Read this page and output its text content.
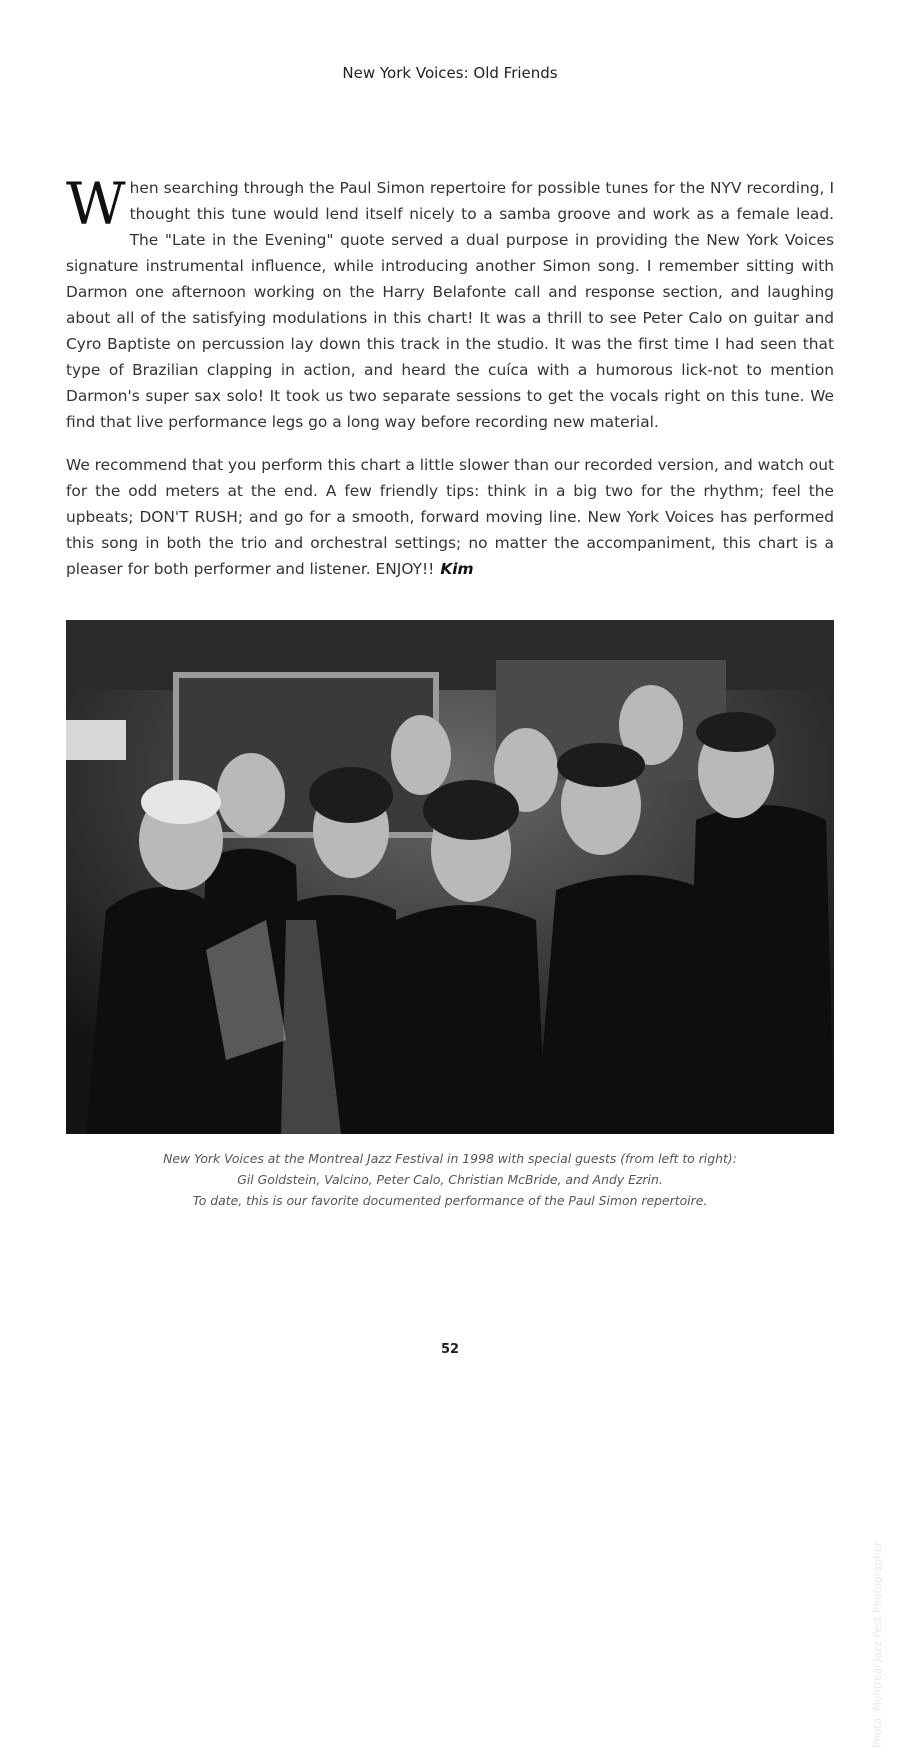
New York Voices: Old Friends
When searching through the Paul Simon repertoire for possible tunes for the NYV recording, I thought this tune would lend itself nicely to a samba groove and work as a female lead. The "Late in the Evening" quote served a dual purpose in providing the New York Voices signature instrumental influence, while introducing another Simon song. I remember sitting with Darmon one afternoon working on the Harry Belafonte call and response section, and laughing about all of the satisfying modulations in this chart! It was a thrill to see Peter Calo on guitar and Cyro Baptiste on percussion lay down this track in the studio. It was the first time I had seen that type of Brazilian clapping in action, and heard the cuíca with a humorous lick-not to mention Darmon's super sax solo! It took us two separate sessions to get the vocals right on this tune. We find that live performance legs go a long way before recording new material.
We recommend that you perform this chart a little slower than our recorded version, and watch out for the odd meters at the end. A few friendly tips: think in a big two for the rhythm; feel the upbeats; DON'T RUSH; and go for a smooth, forward moving line. New York Voices has performed this song in both the trio and orchestral settings; no matter the accompaniment, this chart is a pleaser for both performer and listener. ENJOY!! Kim
Photo: Montreal Jazz Fest Photographer
New York Voices at the Montreal Jazz Festival in 1998 with special guests (from left to right):
Gil Goldstein, Valcino, Peter Calo, Christian McBride, and Andy Ezrin.
To date, this is our favorite documented performance of the Paul Simon repertoire.
52
